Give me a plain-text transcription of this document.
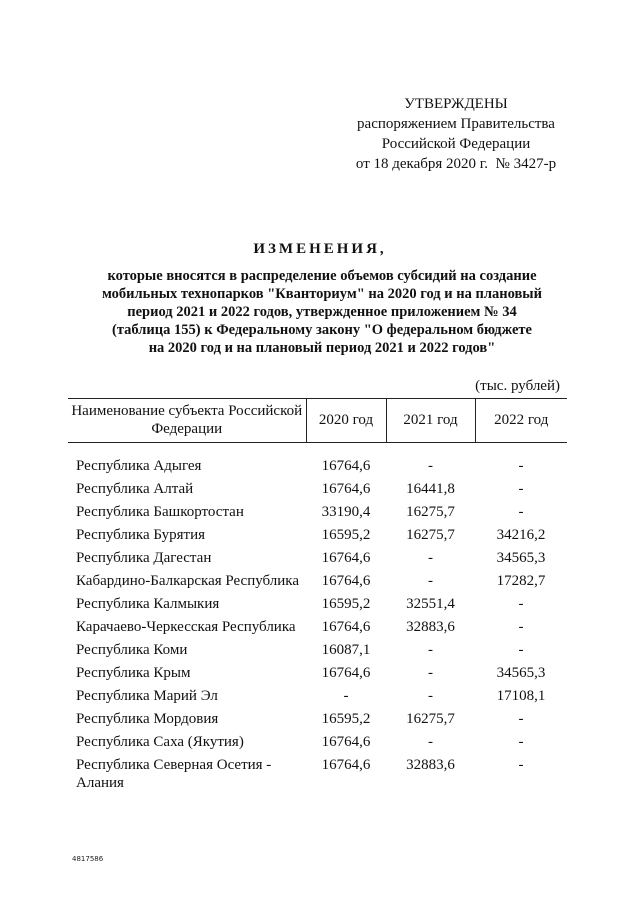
УТВЕРЖДЕНЫ
распоряжением Правительства
Российской Федерации
от 18 декабря 2020 г.  № 3427-р
ИЗМЕНЕНИЯ,
которые вносятся в распределение объемов субсидий на создание
мобильных технопарков "Кванториум" на 2020 год и на плановый
период 2021 и 2022 годов, утвержденное приложением № 34
(таблица 155) к Федеральному закону "О федеральном бюджете
на 2020 год и на плановый период 2021 и 2022 годов"
(тыс. рублей)
Наименование субъекта Российской Федерации	2020 год	2021 год	2022 год

Республика Адыгея	16764,6	-	-
Республика Алтай	16764,6	16441,8	-
Республика Башкортостан	33190,4	16275,7	-
Республика Бурятия	16595,2	16275,7	34216,2
Республика Дагестан	16764,6	-	34565,3
Кабардино-Балкарская Республика	16764,6	-	17282,7
Республика Калмыкия	16595,2	32551,4	-
Карачаево-Черкесская Республика	16764,6	32883,6	-
Республика Коми	16087,1	-	-
Республика Крым	16764,6	-	34565,3
Республика Марий Эл	-	-	17108,1
Республика Мордовия	16595,2	16275,7	-
Республика Саха (Якутия)	16764,6	-	-
Республика Северная Осетия - Алания	16764,6	32883,6	-
4817586
